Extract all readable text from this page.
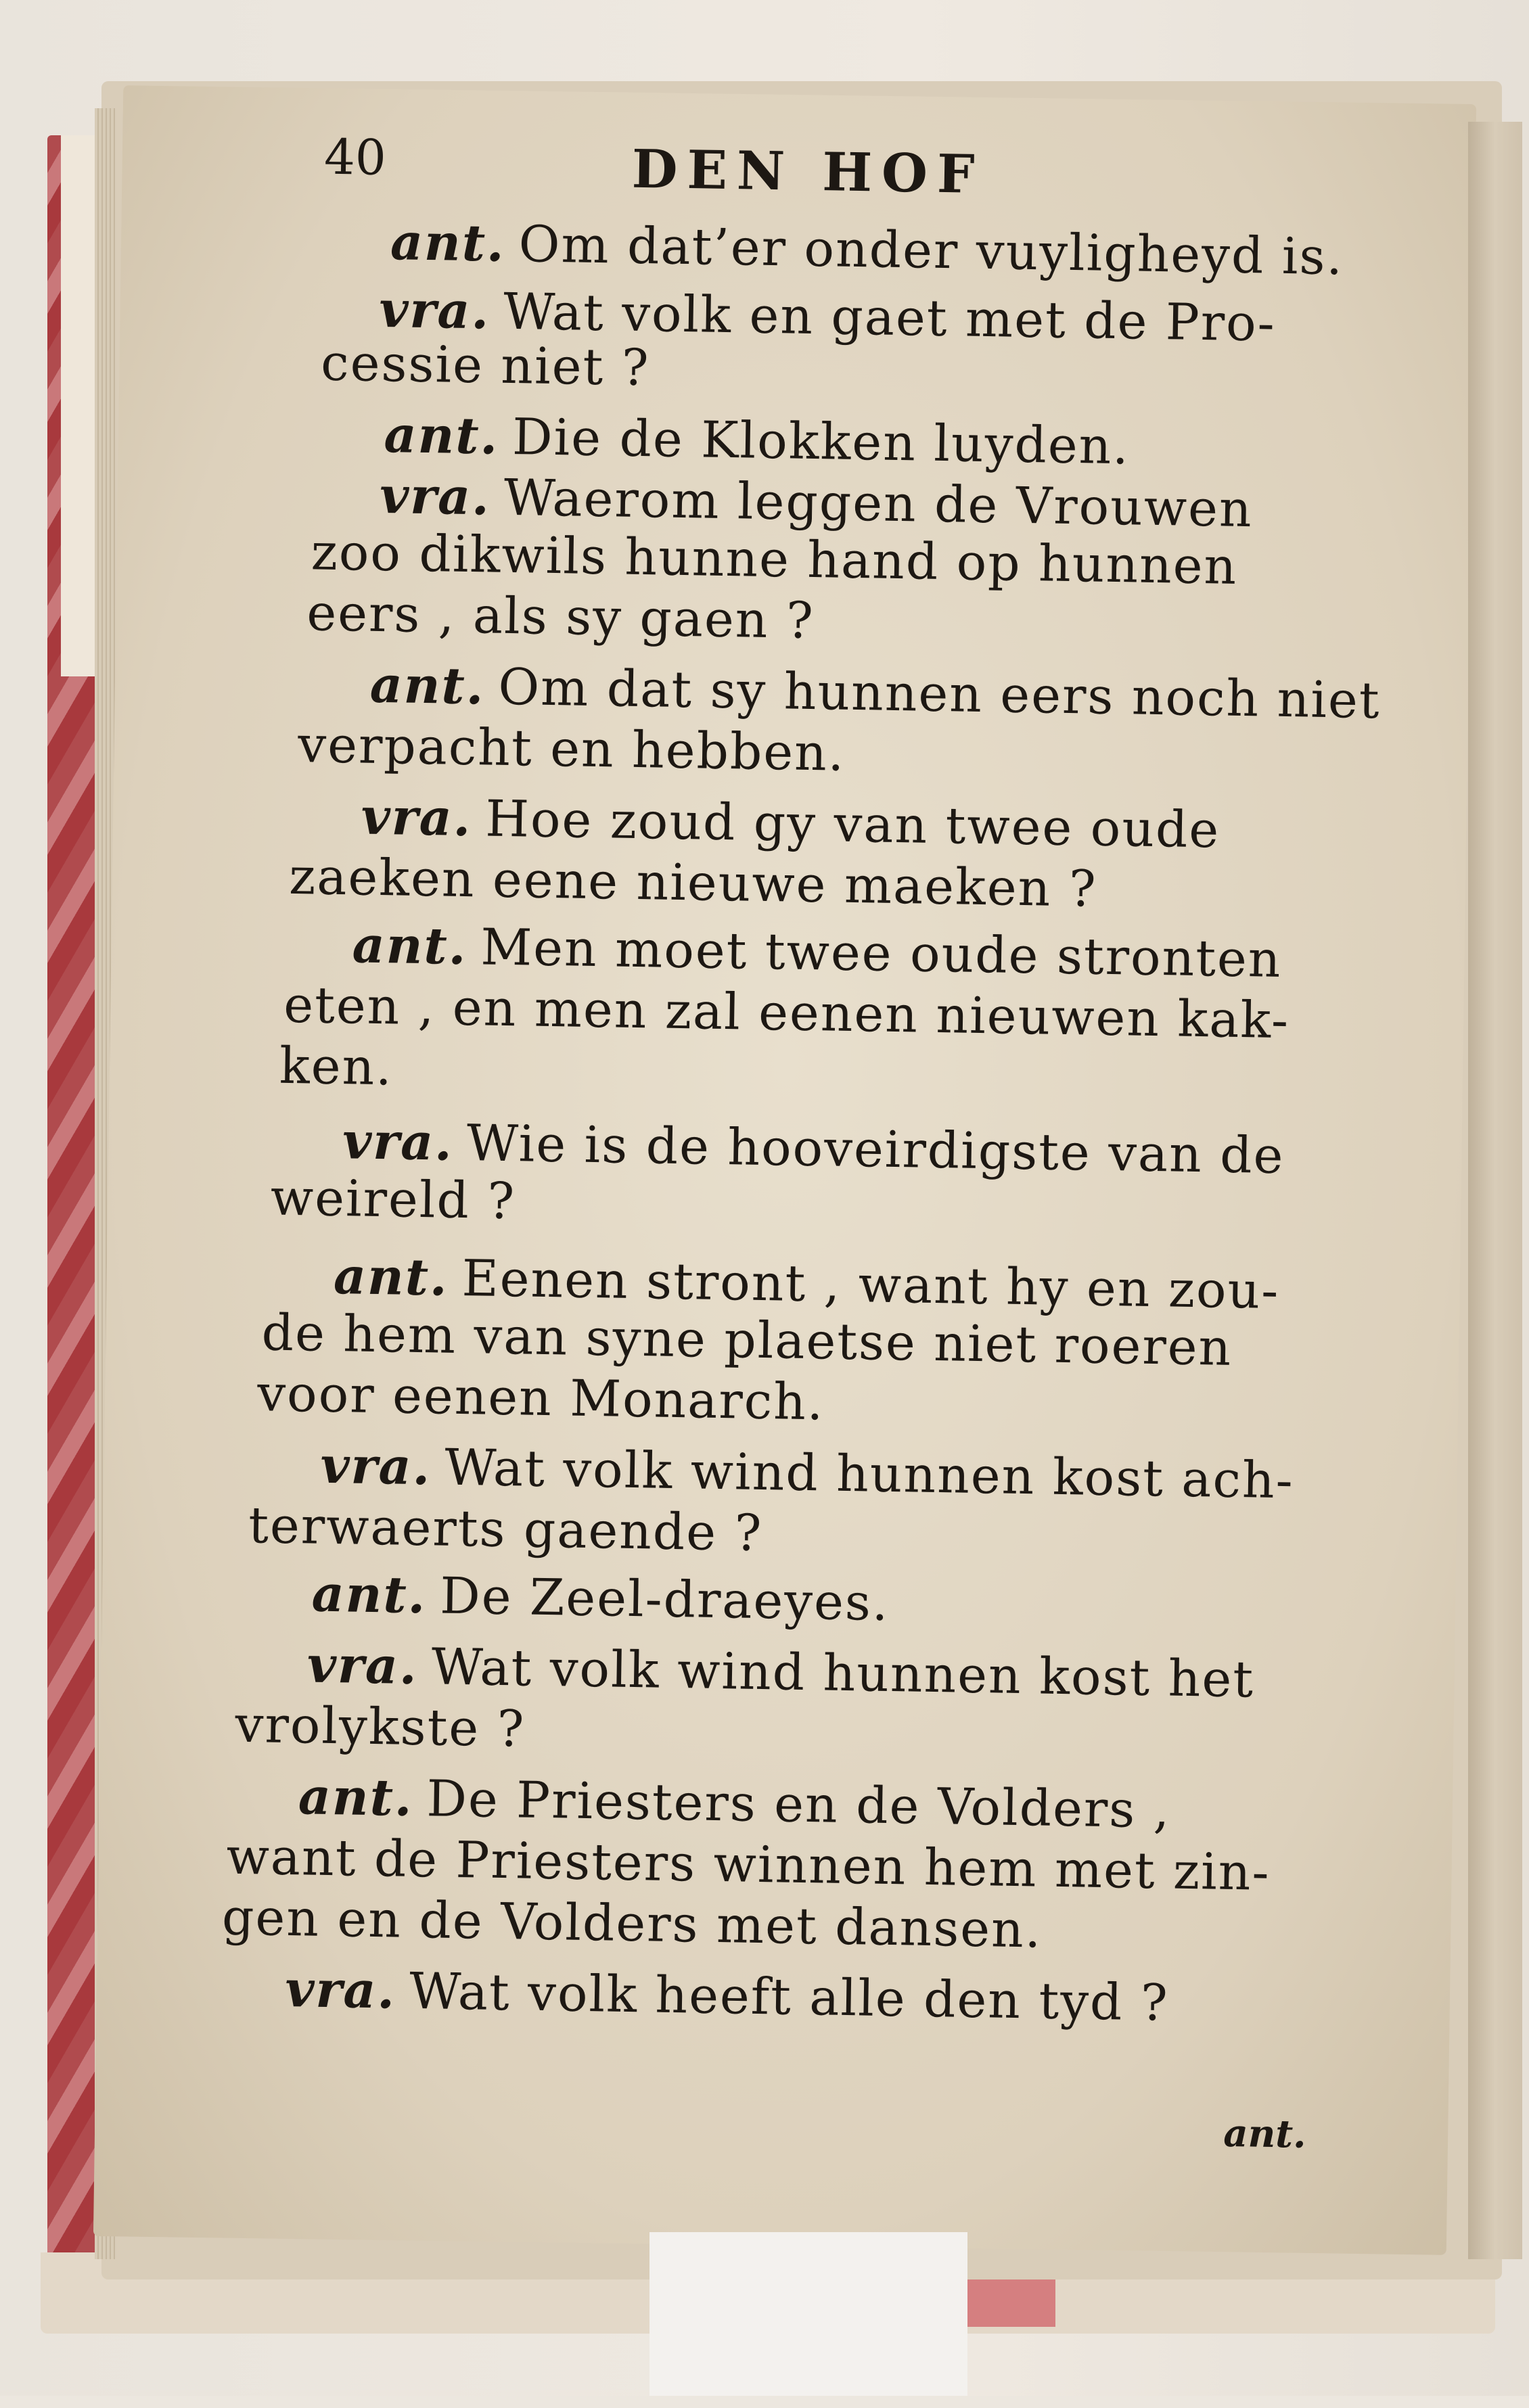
40	DEN HOF
ant. Om dat’er onder vuyligheyd is.
vra. Wat volk en gaet met de Pro-
cessie niet ?
ant. Die de Klokken luyden.
vra. Waerom leggen de Vrouwen
zoo dikwils hunne hand op hunnen
eers , als sy gaen ?
ant. Om dat sy hunnen eers noch niet
verpacht en hebben.
vra. Hoe zoud gy van twee oude
zaeken eene nieuwe maeken ?
ant. Men moet twee oude stronten
eten , en men zal eenen nieuwen kak-
ken.
vra. Wie is de hooveirdigste van de
weireld ?
ant. Eenen stront , want hy en zou-
de hem van syne plaetse niet roeren
voor eenen Monarch.
vra. Wat volk wind hunnen kost ach-
terwaerts gaende ?
ant. De Zeel-draeyes.
vra. Wat volk wind hunnen kost het
vrolykste ?
ant. De Priesters en de Volders ,
want de Priesters winnen hem met zin-
gen en de Volders met dansen.
vra. Wat volk heeft alle den tyd ?
ant.
